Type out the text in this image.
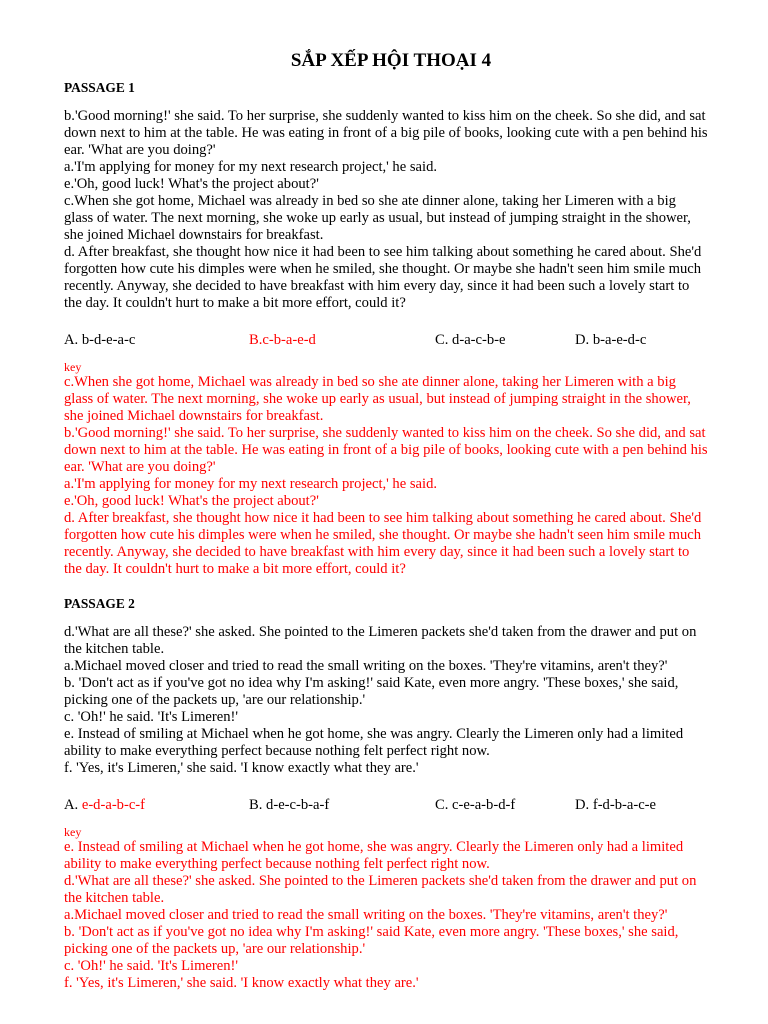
SẮP XẾP HỘI THOẠI 4
PASSAGE 1

b.'Good morning!' she said. To her surprise, she suddenly wanted to kiss him on the cheek. So she did, and sat down next to him at the table. He was eating in front of a big pile of books, looking cute with a pen behind his ear. 'What are you doing?'

a.'I'm applying for money for my next research project,' he said.

e.'Oh, good luck! What's the project about?'

c.When she got home, Michael was already in bed so she ate dinner alone, taking her Limeren with a big glass of water. The next morning, she woke up early as usual, but instead of jumping straight in the shower, she joined Michael downstairs for breakfast.

d. After breakfast, she thought how nice it had been to see him talking about something he cared about. She'd forgotten how cute his dimples were when he smiled, she thought. Or maybe she hadn't seen him smile much recently. Anyway, she decided to have breakfast with him every day, since it had been such a lovely start to the day. It couldn't hurt to make a bit more effort, could it?

A. b-d-e-a-c	B.c-b-a-e-d	C. d-a-c-b-e	D. b-a-e-d-c
key

c.When she got home, Michael was already in bed so she ate dinner alone, taking her Limeren with a big glass of water. The next morning, she woke up early as usual, but instead of jumping straight in the shower, she joined Michael downstairs for breakfast.

b.'Good morning!' she said. To her surprise, she suddenly wanted to kiss him on the cheek. So she did, and sat down next to him at the table. He was eating in front of a big pile of books, looking cute with a pen behind his ear. 'What are you doing?'

a.'I'm applying for money for my next research project,' he said.

e.'Oh, good luck! What's the project about?'

d. After breakfast, she thought how nice it had been to see him talking about something he cared about. She'd forgotten how cute his dimples were when he smiled, she thought. Or maybe she hadn't seen him smile much recently. Anyway, she decided to have breakfast with him every day, since it had been such a lovely start to the day. It couldn't hurt to make a bit more effort, could it?

PASSAGE 2

d.'What are all these?' she asked. She pointed to the Limeren packets she'd taken from the drawer and put on the kitchen table.

a.Michael moved closer and tried to read the small writing on the boxes. 'They're vitamins, aren't they?'

b. 'Don't act as if you've got no idea why I'm asking!' said Kate, even more angry. 'These boxes,' she said, picking one of the packets up, 'are our relationship.'

c. 'Oh!' he said. 'It's Limeren!'

e. Instead of smiling at Michael when he got home, she was angry. Clearly the Limeren only had a limited ability to make everything perfect because nothing felt perfect right now.

f. 'Yes, it's Limeren,' she said. 'I know exactly what they are.'

A. e-d-a-b-c-f	B. d-e-c-b-a-f	C. c-e-a-b-d-f	D. f-d-b-a-c-e
key

e. Instead of smiling at Michael when he got home, she was angry. Clearly the Limeren only had a limited ability to make everything perfect because nothing felt perfect right now.

d.'What are all these?' she asked. She pointed to the Limeren packets she'd taken from the drawer and put on the kitchen table.

a.Michael moved closer and tried to read the small writing on the boxes. 'They're vitamins, aren't they?'

b. 'Don't act as if you've got no idea why I'm asking!' said Kate, even more angry. 'These boxes,' she said, picking one of the packets up, 'are our relationship.'

c. 'Oh!' he said. 'It's Limeren!'

f. 'Yes, it's Limeren,' she said. 'I know exactly what they are.'
